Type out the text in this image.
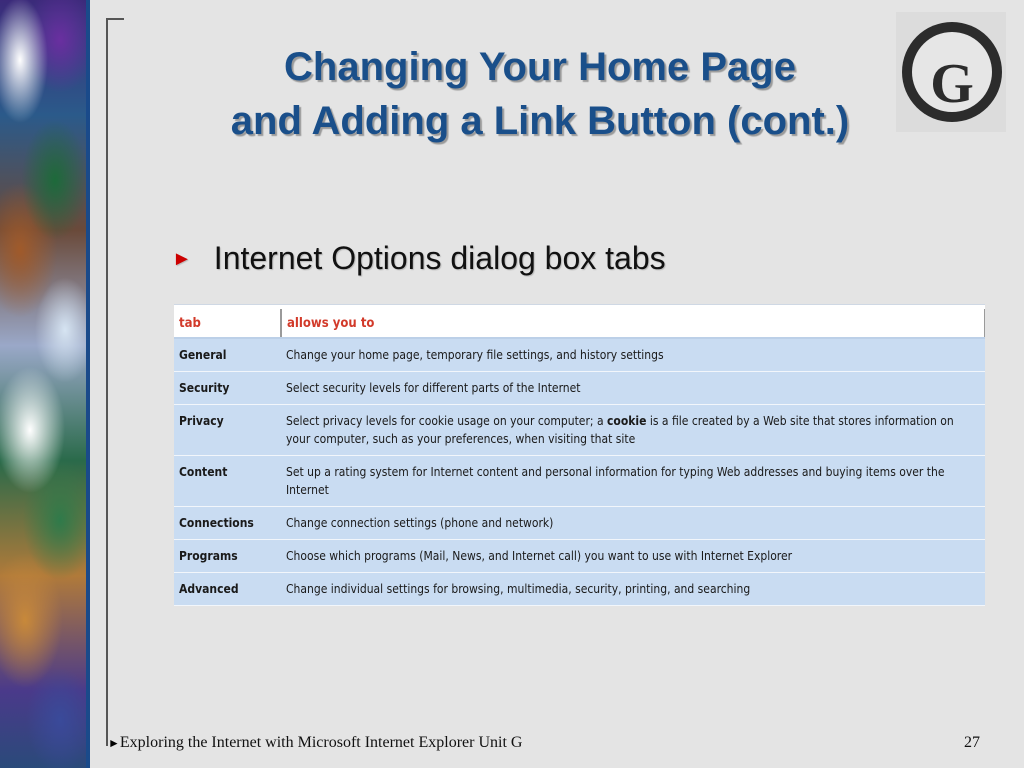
Changing Your Home Page
and Adding a Link Button (cont.)
Unit
G
► Internet Options dialog box tabs
tab	allows you to
General	Change your home page, temporary file settings, and history settings
Security	Select security levels for different parts of the Internet
Privacy	Select privacy levels for cookie usage on your computer; a cookie is a file created by a Web site that stores information on your computer, such as your preferences, when visiting that site
Content	Set up a rating system for Internet content and personal information for typing Web addresses and buying items over the Internet
Connections	Change connection settings (phone and network)
Programs	Choose which programs (Mail, News, and Internet call) you want to use with Internet Explorer
Advanced	Change individual settings for browsing, multimedia, security, printing, and searching
►Exploring the Internet with Microsoft Internet Explorer Unit G	27
